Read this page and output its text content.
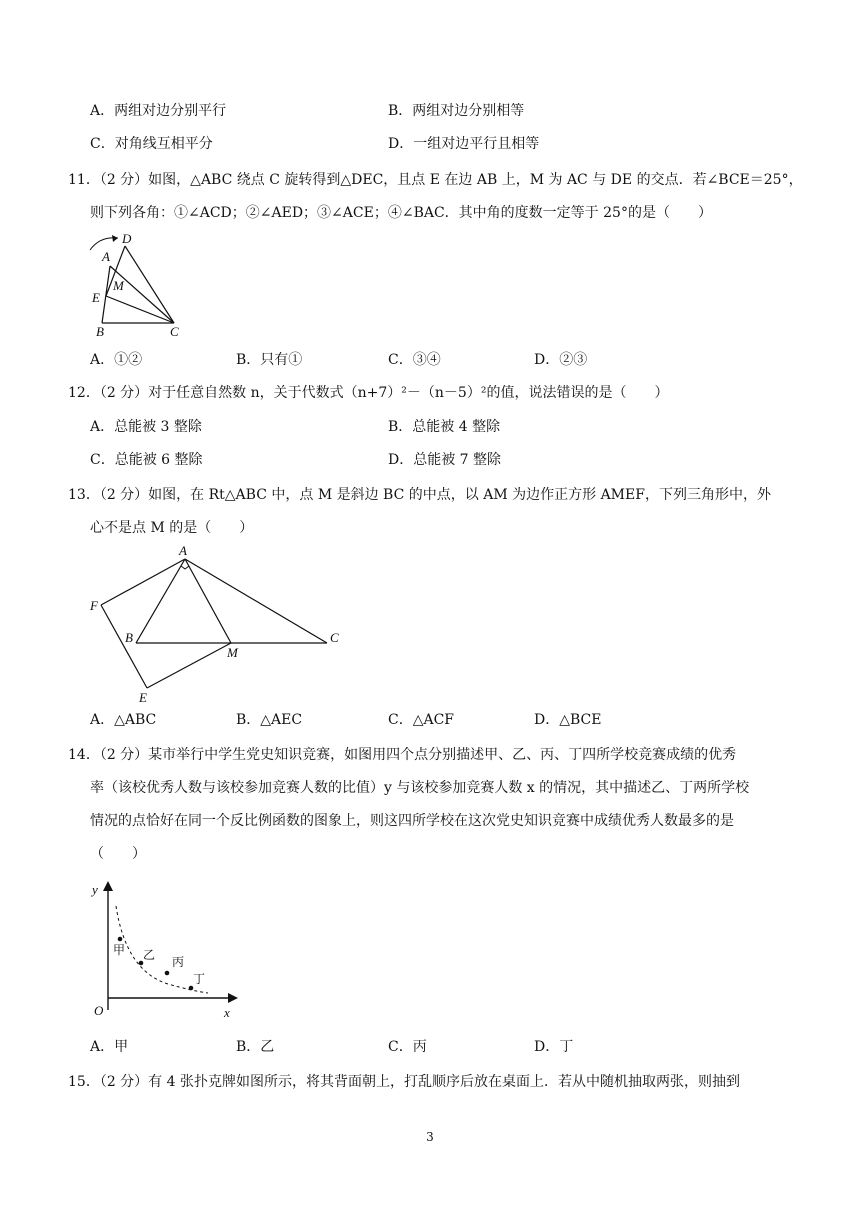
A．两组对边分别平行	B．两组对边分别相等
C．对角线互相平分	D．一组对边平行且相等
11．（2 分）如图，△ABC 绕点 C 旋转得到△DEC，且点 E 在边 AB 上，M 为 AC 与 DE 的交点．若∠BCE＝25°，
则下列各角：①∠ACD；②∠AED；③∠ACE；④∠BAC．其中角的度数一定等于 25°的是（　　）
D
A
M
E
B	C
A．①②	B．只有①	C．③④	D．②③
12．（2 分）对于任意自然数 n，关于代数式（n+7）²－（n－5）²的值，说法错误的是（　　）
A．总能被 3 整除	B．总能被 4 整除
C．总能被 6 整除	D．总能被 7 整除
13．（2 分）如图，在 Rt△ABC 中，点 M 是斜边 BC 的中点，以 AM 为边作正方形 AMEF，下列三角形中，外
心不是点 M 的是（　　）
A
F
B
M
C
E
A．△ABC	B．△AEC	C．△ACF	D．△BCE
14．（2 分）某市举行中学生党史知识竞赛，如图用四个点分别描述甲、乙、丙、丁四所学校竞赛成绩的优秀
率（该校优秀人数与该校参加竞赛人数的比值）y 与该校参加竞赛人数 x 的情况，其中描述乙、丁两所学校
情况的点恰好在同一个反比例函数的图象上，则这四所学校在这次党史知识竞赛中成绩优秀人数最多的是
（　　）
y
x
O
甲 乙 丙
丁
A．甲	B．乙	C．丙	D．丁
15．（2 分）有 4 张扑克牌如图所示，将其背面朝上，打乱顺序后放在桌面上．若从中随机抽取两张，则抽到
3
